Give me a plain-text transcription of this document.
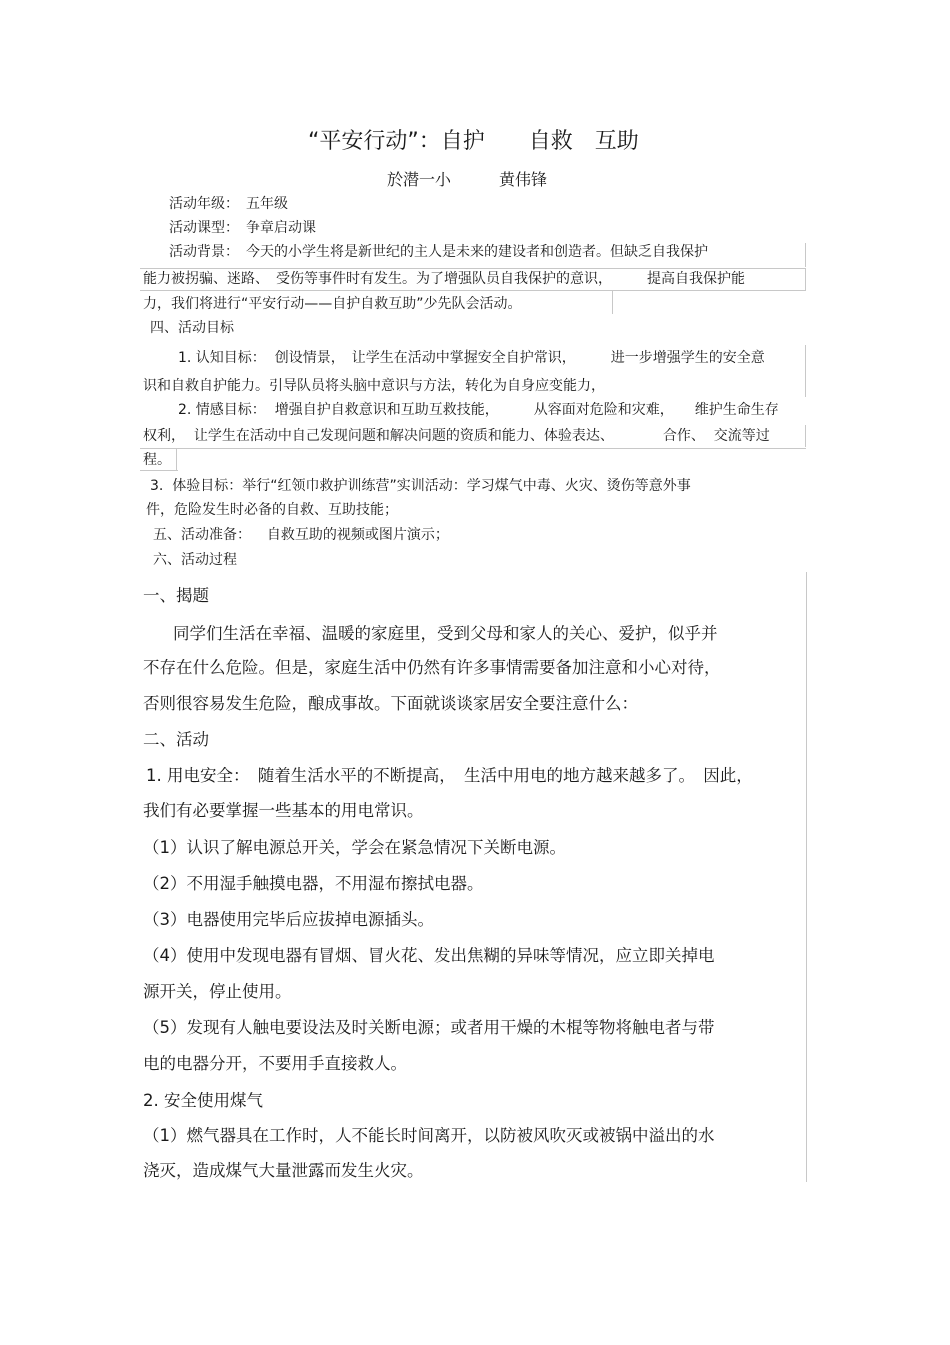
“平安行动”：自护　　自救　互助
於潜一小　　　黄伟锋
活动年级：　五年级
活动课型：　争章启动课
活动背景：　今天的小学生将是新世纪的主人是未来的建设者和创造者。但缺乏自我保护
能力被拐骗、迷路、　受伤等事件时有发生。为了增强队员自我保护的意识，　　　提高自我保护能
力，我们将进行“平安行动——自护自救互助”少先队会活动。
四、活动目标
1. 认知目标：  创设情景，　让学生在活动中掌握安全自护常识，　　　进一步增强学生的安全意
识和自救自护能力。引导队员将头脑中意识与方法，转化为自身应变能力，
2. 情感目标：  增强自护自救意识和互助互救技能，　　　从容面对危险和灾难，　　维护生命生存
权利，  让学生在活动中自己发现问题和解决问题的资质和能力、体验表达、　　　　合作、  交流等过
程。
3.  体验目标：举行“红领巾救护训练营”实训活动：学习煤气中毒、火灾、烫伤等意外事
件，危险发生时必备的自救、互助技能；
五、活动准备：　  自救互助的视频或图片演示；
六、活动过程
一、揭题
同学们生活在幸福、温暖的家庭里，受到父母和家人的关心、爱护，似乎并
不存在什么危险。但是，家庭生活中仍然有许多事情需要备加注意和小心对待，
否则很容易发生危险，酿成事故。下面就谈谈家居安全要注意什么：
二、活动
1. 用电安全：　随着生活水平的不断提高，　生活中用电的地方越来越多了。　因此，
我们有必要掌握一些基本的用电常识。
（1）认识了解电源总开关，学会在紧急情况下关断电源。
（2）不用湿手触摸电器，不用湿布擦拭电器。
（3）电器使用完毕后应拔掉电源插头。
（4）使用中发现电器有冒烟、冒火花、发出焦糊的异味等情况，应立即关掉电
源开关，停止使用。
（5）发现有人触电要设法及时关断电源；或者用干燥的木棍等物将触电者与带
电的电器分开，不要用手直接救人。
2. 安全使用煤气
（1）燃气器具在工作时，人不能长时间离开，以防被风吹灭或被锅中溢出的水
浇灭，造成煤气大量泄露而发生火灾。
